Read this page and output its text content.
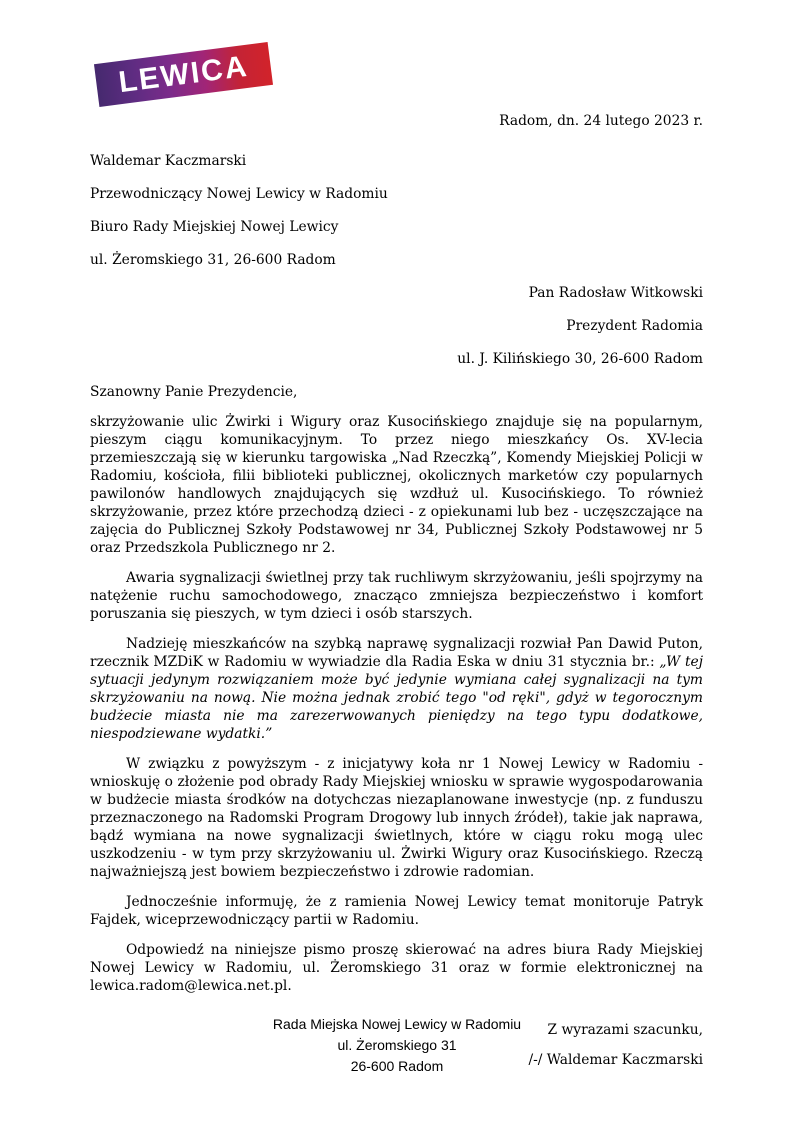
LEWICA

Radom, dn. 24 lutego 2023 r.

Waldemar Kaczmarski

Przewodniczący Nowej Lewicy w Radomiu

Biuro Rady Miejskiej Nowej Lewicy

ul. Żeromskiego 31, 26-600 Radom

Pan Radosław Witkowski

Prezydent Radomia

ul. J. Kilińskiego 30, 26-600 Radom

Szanowny Panie Prezydencie,

skrzyżowanie ulic Żwirki i Wigury oraz Kusocińskiego znajduje się na popularnym, pieszym ciągu komunikacyjnym. To przez niego mieszkańcy Os. XV-lecia przemieszczają się w kierunku targowiska „Nad Rzeczką”, Komendy Miejskiej Policji w Radomiu, kościoła, filii biblioteki publicznej, okolicznych marketów czy popularnych pawilonów handlowych znajdujących się wzdłuż ul. Kusocińskiego. To również skrzyżowanie, przez które przechodzą dzieci - z opiekunami lub bez - uczęszczające na zajęcia do Publicznej Szkoły Podstawowej nr 34, Publicznej Szkoły Podstawowej nr 5 oraz Przedszkola Publicznego nr 2.

Awaria sygnalizacji świetlnej przy tak ruchliwym skrzyżowaniu, jeśli spojrzymy na natężenie ruchu samochodowego, znacząco zmniejsza bezpieczeństwo i komfort poruszania się pieszych, w tym dzieci i osób starszych.

Nadzieję mieszkańców na szybką naprawę sygnalizacji rozwiał Pan Dawid Puton, rzecznik MZDiK w Radomiu w wywiadzie dla Radia Eska w dniu 31 stycznia br.: „W tej sytuacji jedynym rozwiązaniem może być jedynie wymiana całej sygnalizacji na tym skrzyżowaniu na nową. Nie można jednak zrobić tego "od ręki", gdyż w tegorocznym budżecie miasta nie ma zarezerwowanych pieniędzy na tego typu dodatkowe, niespodziewane wydatki.”

W związku z powyższym - z inicjatywy koła nr 1 Nowej Lewicy w Radomiu - wnioskuję o złożenie pod obrady Rady Miejskiej wniosku w sprawie wygospodarowania w budżecie miasta środków na dotychczas niezaplanowane inwestycje (np. z funduszu przeznaczonego na Radomski Program Drogowy lub innych źródeł), takie jak naprawa, bądź wymiana na nowe sygnalizacji świetlnych, które w ciągu roku mogą ulec uszkodzeniu - w tym przy skrzyżowaniu ul. Żwirki Wigury oraz Kusocińskiego. Rzeczą najważniejszą jest bowiem bezpieczeństwo i zdrowie radomian.

Jednocześnie informuję, że z ramienia Nowej Lewicy temat monitoruje Patryk Fajdek, wiceprzewodniczący partii w Radomiu.

Odpowiedź na niniejsze pismo proszę skierować na adres biura Rady Miejskiej Nowej Lewicy w Radomiu, ul. Żeromskiego 31 oraz w formie elektronicznej na lewica.radom@lewica.net.pl.

Z wyrazami szacunku,

/-/ Waldemar Kaczmarski

Rada Miejska Nowej Lewicy w Radomiu

ul. Żeromskiego 31

26-600 Radom
